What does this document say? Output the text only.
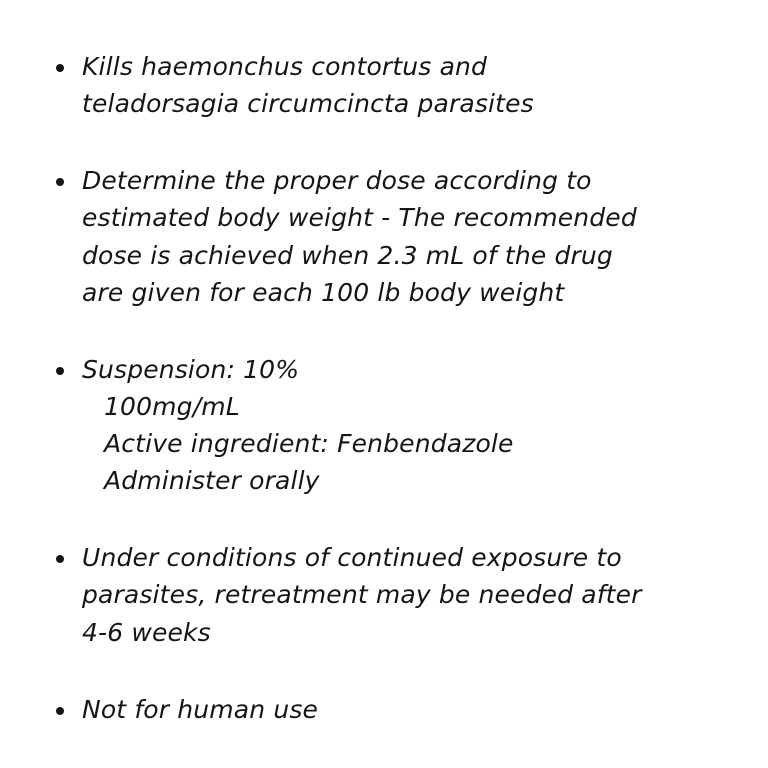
Kills haemonchus contortus and
teladorsagia circumcincta parasites
Determine the proper dose according to
estimated body weight - The recommended
dose is achieved when 2.3 mL of the drug
are given for each 100 lb body weight
Suspension: 10%
100mg/mL
Active ingredient: Fenbendazole
Administer orally
Under conditions of continued exposure to
parasites, retreatment may be needed after
4-6 weeks
Not for human use
